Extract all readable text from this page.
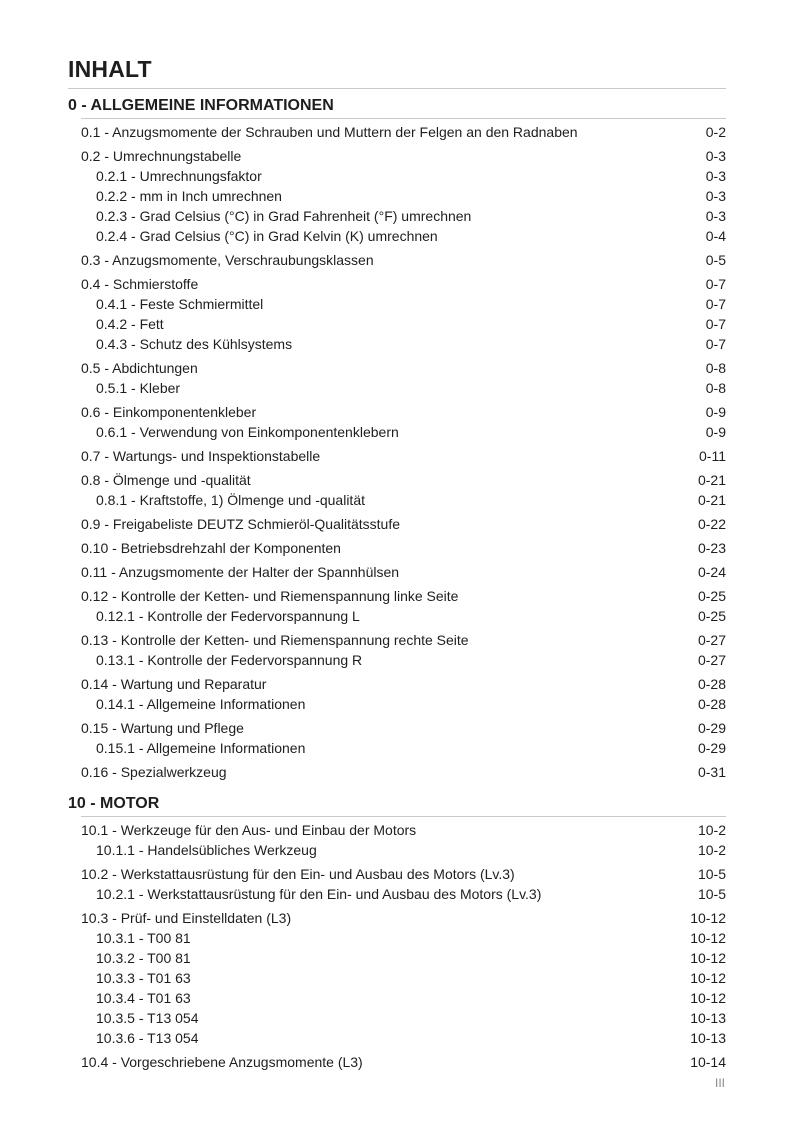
INHALT
0 - ALLGEMEINE INFORMATIONEN
0.1 - Anzugsmomente der Schrauben und Muttern der Felgen an den Radnaben	0-2
0.2 - Umrechnungstabelle	0-3
0.2.1 - Umrechnungsfaktor	0-3
0.2.2 - mm in Inch umrechnen	0-3
0.2.3 - Grad Celsius (°C) in Grad Fahrenheit (°F) umrechnen	0-3
0.2.4 - Grad Celsius (°C) in Grad Kelvin (K) umrechnen	0-4
0.3 - Anzugsmomente, Verschraubungsklassen	0-5
0.4 - Schmierstoffe	0-7
0.4.1 - Feste Schmiermittel	0-7
0.4.2 - Fett	0-7
0.4.3 - Schutz des Kühlsystems	0-7
0.5 - Abdichtungen	0-8
0.5.1 - Kleber	0-8
0.6 - Einkomponentenkleber	0-9
0.6.1 - Verwendung von Einkomponentenklebern	0-9
0.7 - Wartungs- und Inspektionstabelle	0-11
0.8 - Ölmenge und -qualität	0-21
0.8.1 - Kraftstoffe, 1) Ölmenge und -qualität	0-21
0.9 - Freigabeliste DEUTZ Schmieröl-Qualitätsstufe	0-22
0.10 - Betriebsdrehzahl der Komponenten	0-23
0.11 - Anzugsmomente der Halter der Spannhülsen	0-24
0.12 - Kontrolle der Ketten- und Riemenspannung linke Seite	0-25
0.12.1 - Kontrolle der Federvorspannung L	0-25
0.13 - Kontrolle der Ketten- und Riemenspannung rechte Seite	0-27
0.13.1 - Kontrolle der Federvorspannung R	0-27
0.14 - Wartung und Reparatur	0-28
0.14.1 - Allgemeine Informationen	0-28
0.15 - Wartung und Pflege	0-29
0.15.1 - Allgemeine Informationen	0-29
0.16 - Spezialwerkzeug	0-31
10 - MOTOR
10.1 - Werkzeuge für den Aus- und Einbau der Motors	10-2
10.1.1 - Handelsübliches Werkzeug	10-2
10.2 - Werkstattausrüstung für den Ein- und Ausbau des Motors (Lv.3)	10-5
10.2.1 - Werkstattausrüstung für den Ein- und Ausbau des Motors (Lv.3)	10-5
10.3 - Prüf- und Einstelldaten (L3)	10-12
10.3.1 - T00 81	10-12
10.3.2 - T00 81	10-12
10.3.3 - T01 63	10-12
10.3.4 - T01 63	10-12
10.3.5 - T13 054	10-13
10.3.6 - T13 054	10-13
10.4 - Vorgeschriebene Anzugsmomente (L3)	10-14
III
